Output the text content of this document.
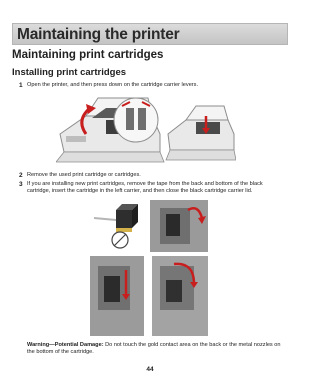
Maintaining the printer
Maintaining print cartridges
Installing print cartridges
1 Open the printer, and then press down on the cartridge carrier levers.
2 Remove the used print cartridge or cartridges.
3 If you are installing new print cartridges, remove the tape from the back and bottom of the black cartridge, insert the cartridge in the left carrier, and then close the black cartridge carrier lid.
Warning—Potential Damage: Do not touch the gold contact area on the back or the metal nozzles on the bottom of the cartridge.
44
